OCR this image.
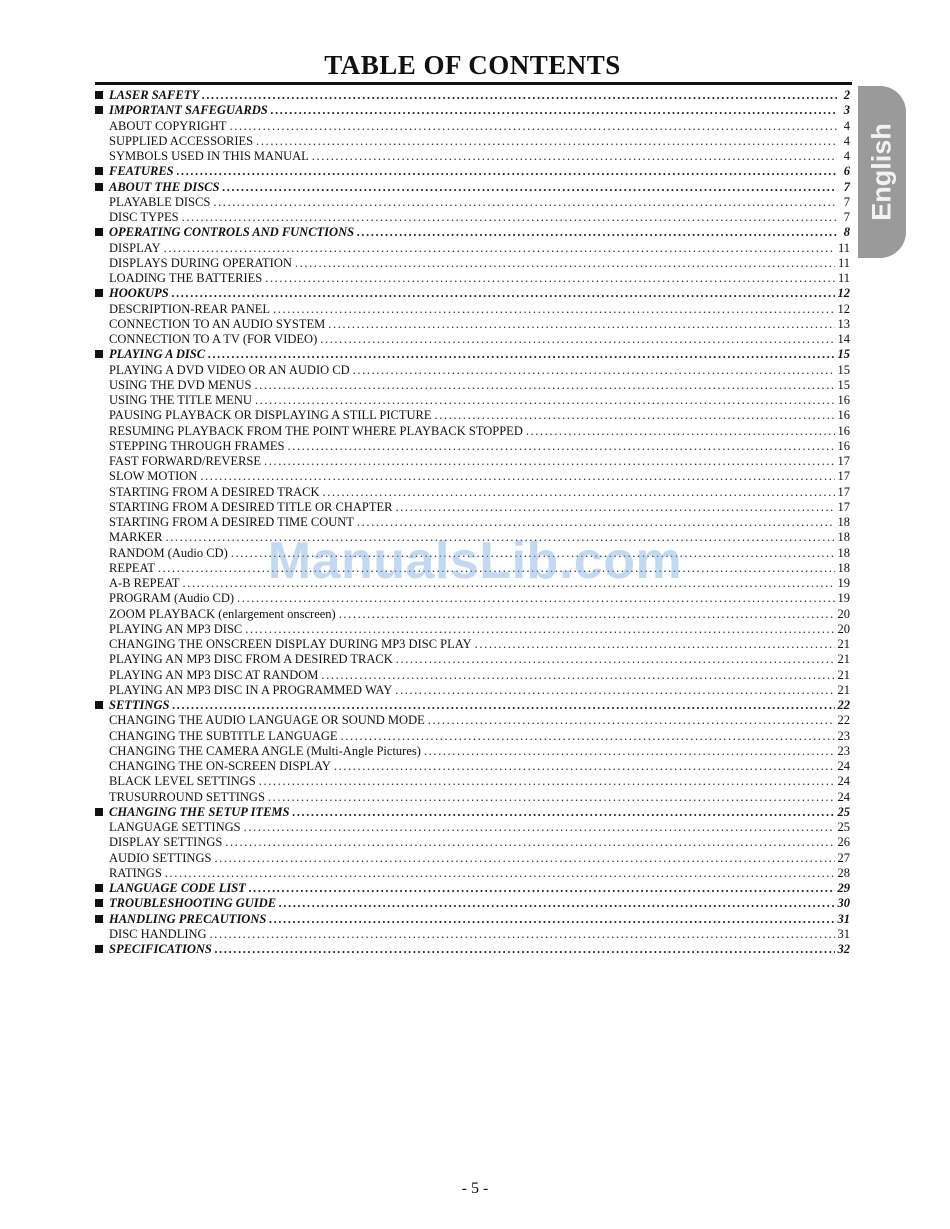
TABLE OF CONTENTS
LASER SAFETY .....	2
IMPORTANT SAFEGUARDS .....	3
ABOUT COPYRIGHT .....	4
SUPPLIED ACCESSORIES .....	4
SYMBOLS USED IN THIS MANUAL .....	4
FEATURES .....	6
ABOUT THE DISCS .....	7
PLAYABLE DISCS .....	7
DISC TYPES .....	7
OPERATING CONTROLS AND FUNCTIONS .....	8
DISPLAY .....	11
DISPLAYS DURING OPERATION .....	11
LOADING THE BATTERIES .....	11
HOOKUPS .....	12
DESCRIPTION-REAR PANEL .....	12
CONNECTION TO AN AUDIO SYSTEM .....	13
CONNECTION TO A TV (FOR VIDEO) .....	14
PLAYING A DISC .....	15
PLAYING A DVD VIDEO OR AN AUDIO CD .....	15
USING THE DVD MENUS .....	15
USING THE TITLE MENU .....	16
PAUSING PLAYBACK OR DISPLAYING A STILL PICTURE .....	16
RESUMING PLAYBACK FROM THE POINT WHERE PLAYBACK STOPPED .....	16
STEPPING THROUGH FRAMES .....	16
FAST FORWARD/REVERSE .....	17
SLOW MOTION .....	17
STARTING FROM A DESIRED TRACK .....	17
STARTING FROM A DESIRED TITLE OR CHAPTER .....	17
STARTING FROM A DESIRED TIME COUNT .....	18
MARKER .....	18
RANDOM (Audio CD) .....	18
REPEAT .....	18
A-B REPEAT .....	19
PROGRAM (Audio CD) .....	19
ZOOM PLAYBACK (enlargement onscreen) .....	20
PLAYING AN MP3 DISC .....	20
CHANGING THE ONSCREEN DISPLAY DURING MP3 DISC PLAY .....	21
PLAYING AN MP3 DISC FROM A DESIRED TRACK .....	21
PLAYING AN MP3 DISC AT RANDOM .....	21
PLAYING AN MP3 DISC IN A PROGRAMMED WAY .....	21
SETTINGS .....	22
CHANGING THE AUDIO LANGUAGE OR SOUND MODE .....	22
CHANGING THE SUBTITLE LANGUAGE .....	23
CHANGING THE CAMERA ANGLE (Multi-Angle Pictures) .....	23
CHANGING THE ON-SCREEN DISPLAY .....	24
BLACK LEVEL SETTINGS .....	24
TRUSURROUND SETTINGS .....	24
CHANGING THE SETUP ITEMS .....	25
LANGUAGE SETTINGS .....	25
DISPLAY SETTINGS .....	26
AUDIO SETTINGS .....	27
RATINGS .....	28
LANGUAGE CODE LIST .....	29
TROUBLESHOOTING GUIDE .....	30
HANDLING PRECAUTIONS .....	31
DISC HANDLING .....	31
SPECIFICATIONS .....	32
English
ManualsLib.com
- 5 -
